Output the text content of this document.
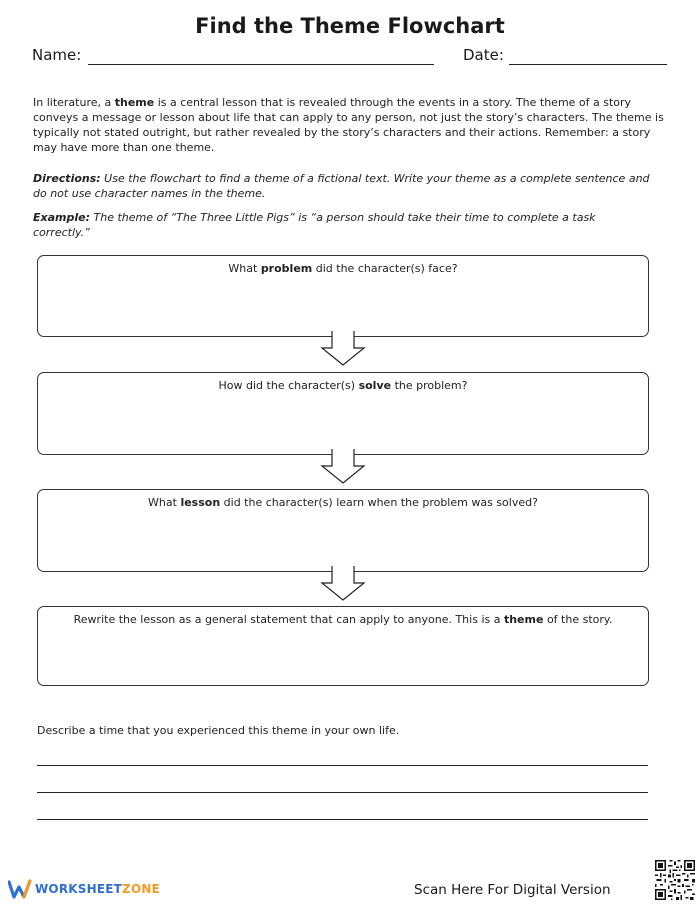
Find the Theme Flowchart
Name:	Date:
In literature, a theme is a central lesson that is revealed through the events in a story. The theme of a story conveys a message or lesson about life that can apply to any person, not just the story’s characters. The theme is typically not stated outright, but rather revealed by the story’s characters and their actions. Remember: a story may have more than one theme.
Directions: Use the flowchart to find a theme of a fictional text. Write your theme as a complete sentence and do not use character names in the theme.
Example: The theme of “The Three Little Pigs” is “a person should take their time to complete a task correctly.”
What problem did the character(s) face?
How did the character(s) solve the problem?
What lesson did the character(s) learn when the problem was solved?
Rewrite the lesson as a general statement that can apply to anyone. This is a theme of the story.
Describe a time that you experienced this theme in your own life.
WORKSHEETZONE	Scan Here For Digital Version
